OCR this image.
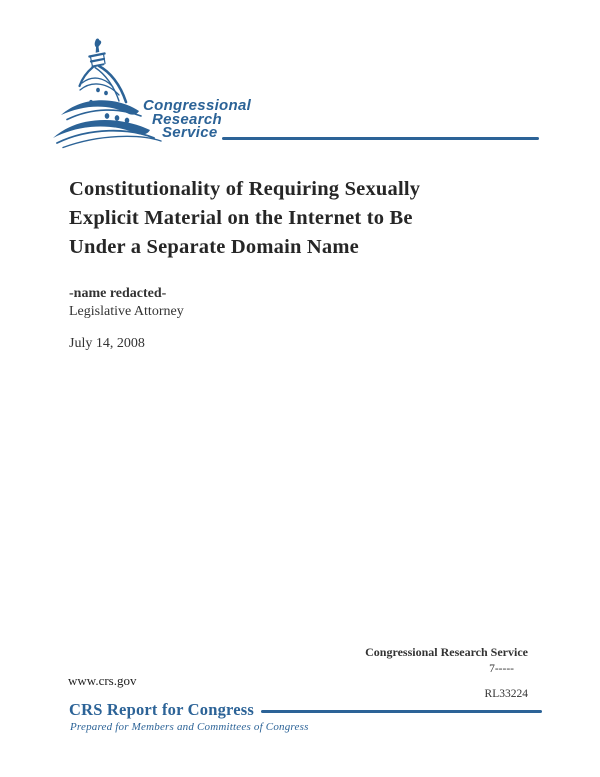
Congressional
Research
Service
Constitutionality of Requiring Sexually
Explicit Material on the Internet to Be
Under a Separate Domain Name
-name redacted-
Legislative Attorney
July 14, 2008
Congressional Research Service
7-----
RL33224
www.crs.gov
CRS Report for Congress
Prepared for Members and Committees of Congress
